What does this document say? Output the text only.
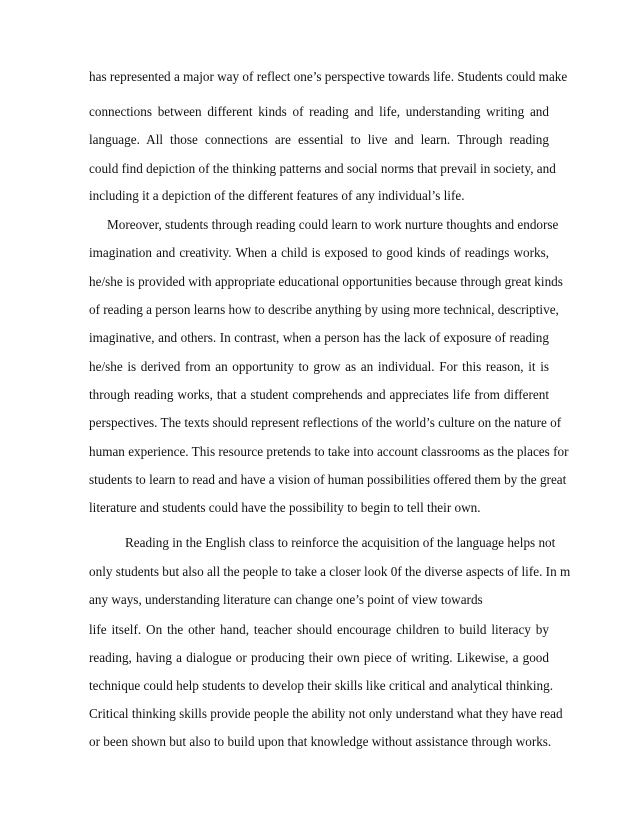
has represented a major way of reflect one’s perspective towards life. Students could make
connections between different kinds of reading and life, understanding writing and
language. All those connections are essential to live and learn. Through reading
could find depiction of the thinking patterns and social norms that prevail in society, and
including it a depiction of the different features of any individual’s life.
Moreover, students through reading could learn to work nurture thoughts and endorse
imagination and creativity. When a child is exposed to good kinds of readings works,
he/she is provided with appropriate educational opportunities because through great kinds
of reading a person learns how to describe anything by using more technical, descriptive,
imaginative, and others. In contrast, when a person has the lack of exposure of reading
he/she is derived from an opportunity to grow as an individual. For this reason, it is
through reading works, that a student comprehends and appreciates life from different
perspectives. The texts should represent reflections of the world’s culture on the nature of
human experience. This resource pretends to take into account classrooms as the places for
students to learn to read and have a vision of human possibilities offered them by the great
literature and students could have the possibility to begin to tell their own.
Reading in the English class to reinforce the acquisition of the language helps not
only students but also all the people to take a closer look 0f the diverse aspects of life. In m
any ways, understanding literature can change one’s point of view towards
life itself. On the other hand, teacher should encourage children to build literacy by
reading, having a dialogue or producing their own piece of writing. Likewise, a good
technique could help students to develop their skills like critical and analytical thinking.
Critical thinking skills provide people the ability not only understand what they have read
or been shown but also to build upon that knowledge without assistance through works.
